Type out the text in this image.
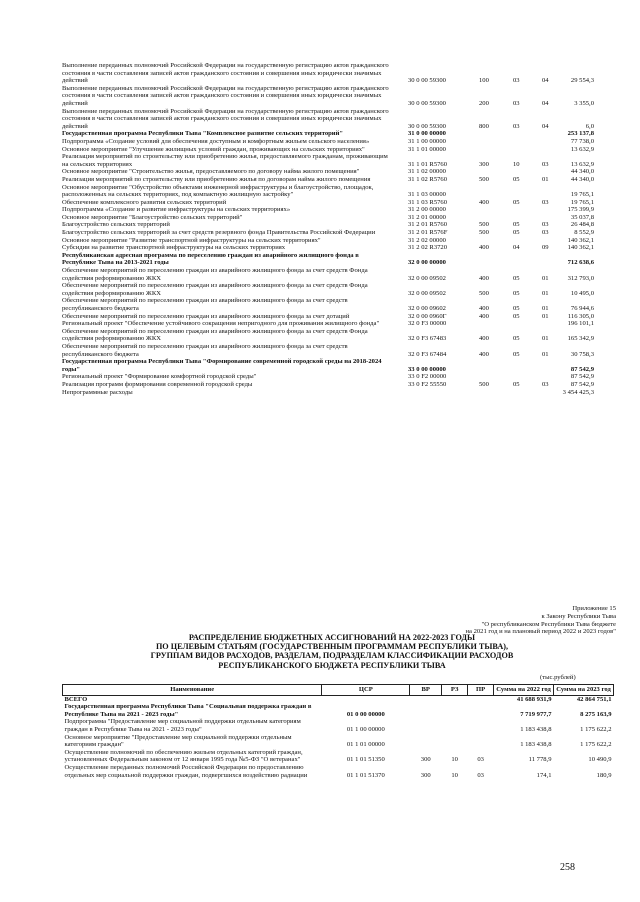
Выполнение переданных полномочий Российской Федерации на государственную регистрацию актов гражданского состояния в части составления записей актов гражданского состояния и совершения иных юридически значимых действий	30 0 00 59300	100	03	04	29 554,3
Выполнение переданных полномочий Российской Федерации на государственную регистрацию актов гражданского состояния в части составления записей актов гражданского состояния и совершения иных юридически значимых действий	30 0 00 59300	200	03	04	3 355,0
Выполнение переданных полномочий Российской Федерации на государственную регистрацию актов гражданского состояния в части составления записей актов гражданского состояния и совершения иных юридически значимых действий	30 0 00 59300	800	03	04	6,0
Государственная программа Республики Тыва "Комплексное развитие сельских территорий"	31 0 00 00000	253 137,8
Подпрограмма «Создание условий для обеспечения доступным и комфортным жильем сельского населения»	31 1 00 00000	77 738,0
Основное мероприятие "Улучшение жилищных условий граждан, проживающих на сельских территориях"	31 1 01 00000	13 632,9
Реализация мероприятий по строительству или приобретению жилья, предоставляемого гражданам, проживающим на сельских территориях	31 1 01 R5760	300	10	03	13 632,9
Основное мероприятие "Строительство жилья, предоставляемого по договору найма жилого помещения"	31 1 02 00000	44 340,0
Реализация мероприятий по строительству или приобретению жилья по договорам найма жилого помещения	31 1 02 R5760	500	05	01	44 340,0
Основное мероприятие "Обустройство объектами инженерной инфраструктуры и благоустройство, площадок, расположенных на сельских территориях, под компактную жилищную застройку"	31 1 03 00000	19 765,1
Обеспечение комплексного развития сельских территорий	31 1 03 R5760	400	05	03	19 765,1
Подпрограмма «Создание и развитие инфраструктуры на сельских территориях»	31 2 00 00000	175 399,9
Основное мероприятие "Благоустройство сельских территорий"	31 2 01 00000	35 037,8
Благоустройство сельских территорий	31 2 01 R5760	500	05	03	26 484,8
Благоустройство сельских территорий за счет средств резервного фонда Правительства Российской Федерации	31 2 01 R576F	500	05	03	8 552,9
Основное мероприятие "Развитие транспортной инфраструктуры на сельских территориях"	31 2 02 00000	140 362,1
Субсидии на развитие транспортной инфраструктуры на сельских территориях	31 2 02 R3720	400	04	09	140 362,1
Республиканская адресная программа по переселению граждан из аварийного жилищного фонда в Республике Тыва на 2013-2021 годы	32 0 00 00000	712 638,6
Обеспечение мероприятий по переселению граждан из аварийного жилищного фонда за счет средств Фонда содействия реформированию ЖКХ	32 0 00 09502	400	05	01	312 793,0
Обеспечение мероприятий по переселению граждан из аварийного жилищного фонда за счет средств Фонда содействия реформированию ЖКХ	32 0 00 09502	500	05	01	10 495,0
Обеспечение мероприятий по переселению граждан из аварийного жилищного фонда за счет средств республиканского бюджета	32 0 00 09602	400	05	01	76 944,6
Обеспечение мероприятий по переселению граждан из аварийного жилищного фонда за счет дотаций	32 0 00 0960Г	400	05	01	116 305,0
Региональный проект "Обеспечение устойчивого сокращения непригодного для проживания жилищного фонда"	32 0 F3 00000	196 101,1
Обеспечение мероприятий по переселению граждан из аварийного жилищного фонда за счет средств Фонда содействия реформированию ЖКХ	32 0 F3 67483	400	05	01	165 342,9
Обеспечение мероприятий по переселению граждан из аварийного жилищного фонда за счет средств республиканского бюджета	32 0 F3 67484	400	05	01	30 758,3
Государственная программа Республики Тыва "Формирование современной городской среды на 2018-2024 годы"	33 0 00 00000	87 542,9
Региональный проект "Формирование комфортной городской среды"	33 0 F2 00000	87 542,9
Реализация программ формирования современной городской среды	33 0 F2 55550	500	05	03	87 542,9
Непрограммные расходы	3 454 425,3
Приложение 15
к Закону Республики Тыва
"О республиканском Республики Тыва бюджете
на 2021 год и на плановый период 2022 и 2023 годов"
РАСПРЕДЕЛЕНИЕ БЮДЖЕТНЫХ АССИГНОВАНИЙ НА 2022-2023 ГОДЫ
ПО ЦЕЛЕВЫМ СТАТЬЯМ (ГОСУДАРСТВЕННЫМ ПРОГРАММАМ РЕСПУБЛИКИ ТЫВА),
ГРУППАМ ВИДОВ РАСХОДОВ, РАЗДЕЛАМ, ПОДРАЗДЕЛАМ КЛАССИФИКАЦИИ РАСХОДОВ
РЕСПУБЛИКАНСКОГО БЮДЖЕТА РЕСПУБЛИКИ ТЫВА
(тыс.рублей)
Наименование	ЦСР	ВР	РЗ	ПР	Сумма на 2022 год	Сумма на 2023 год
ВСЕГО					41 688 931,9	42 864 751,1
Государственная программа Республики Тыва "Социальная поддержка граждан в Республике Тыва на 2021 - 2023 годы"	01 0 00 00000				7 719 977,7	8 275 163,9
Подпрограмма "Предоставление мер социальной поддержки отдельным категориям граждан в Республике Тыва на 2021 - 2023 годы"	01 1 00 00000				1 183 438,8	1 175 622,2
Основное мероприятие "Предоставление мер социальной поддержки отдельным категориям граждан"	01 1 01 00000				1 183 438,8	1 175 622,2
Осуществление полномочий по обеспечению жильем отдельных категорий граждан, установленных Федеральным законом от 12 января 1995 года №5-ФЗ "О ветеранах"	01 1 01 51350	300	10	03	11 778,9	10 490,9
Осуществление переданных полномочий Российской Федерации по предоставлению отдельных мер социальной поддержки граждан, подвергшихся воздействию радиации	01 1 01 51370	300	10	03	174,1	180,9
258
